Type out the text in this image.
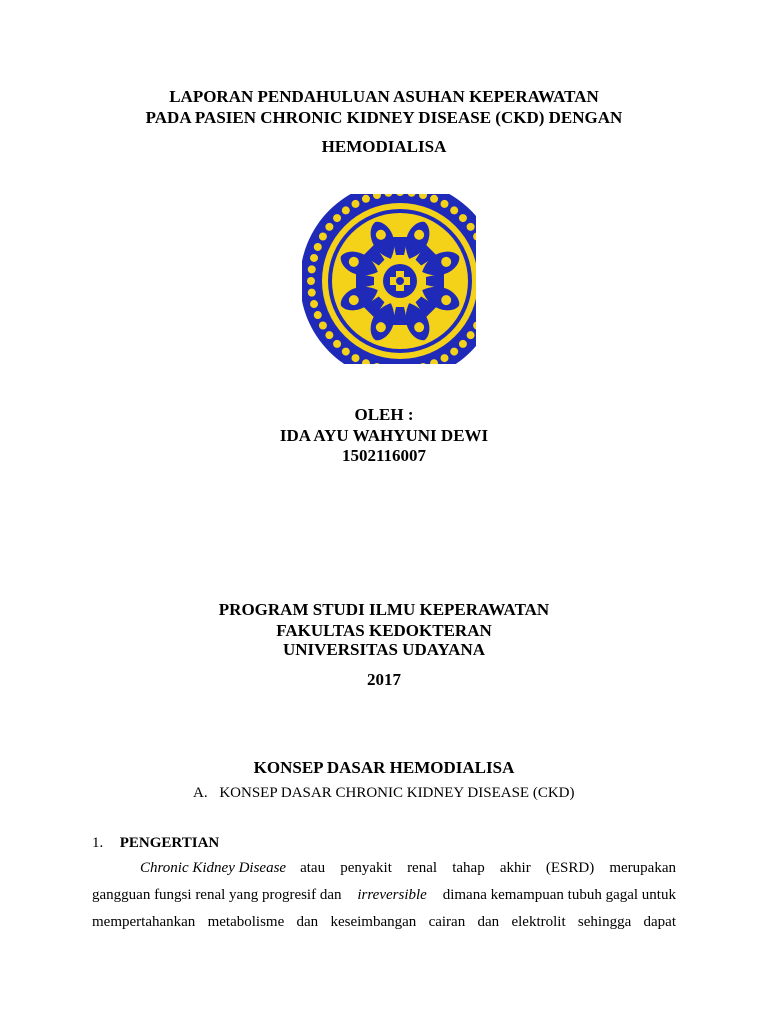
LAPORAN PENDAHULUAN ASUHAN KEPERAWATAN
PADA PASIEN CHRONIC KIDNEY DISEASE (CKD) DENGAN
HEMODIALISA
OLEH :
IDA AYU WAHYUNI DEWI
1502116007
PROGRAM STUDI ILMU KEPERAWATAN
FAKULTAS KEDOKTERAN
UNIVERSITAS UDAYANA
2017
KONSEP DASAR HEMODIALISA
A. KONSEP DASAR CHRONIC KIDNEY DISEASE (CKD)
1. PENGERTIAN
Chronic Kidney Disease atau penyakit renal tahap akhir (ESRD) merupakan
gangguan fungsi renal yang progresif dan irreversible dimana kemampuan tubuh gagal untuk
mempertahankan metabolisme dan keseimbangan cairan dan elektrolit sehingga dapat
